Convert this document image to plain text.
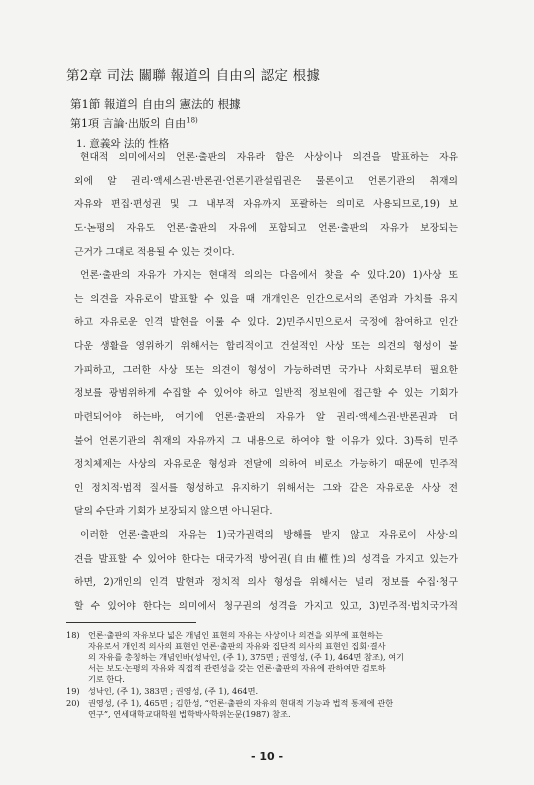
第2章 司法 關聯 報道의 自由의 認定 根據
第1節 報道의 自由의 憲法的 根據
第1項 言論·出版의 自由$^{18)}$
1. 意義와 法的 性格
현대적 의미에서의 언론·출판의 자유라 함은 사상이나 의견을 발표하는 자유
외에 알 권리·액세스권·반론권·언론기관설립권은 물론이고 언론기관의 취재의
자유와 편집·편성권 및 그 내부적 자유까지 포괄하는 의미로 사용되므로,19) 보
도·논평의 자유도 언론·출판의 자유에 포함되고 언론·출판의 자유가 보장되는
근거가 그대로 적용될 수 있는 것이다.
언론·출판의 자유가 가지는 현대적 의의는 다음에서 찾을 수 있다.20) 1)사상 또
는 의견을 자유로이 발표할 수 있을 때 개개인은 인간으로서의 존엄과 가치를 유지
하고 자유로운 인격 발현을 이룰 수 있다. 2)민주시민으로서 국정에 참여하고 인간
다운 생활을 영위하기 위해서는 합리적이고 건설적인 사상 또는 의견의 형성이 불
가피하고, 그러한 사상 또는 의견이 형성이 가능하려면 국가나 사회로부터 필요한
정보를 광범위하게 수집할 수 있어야 하고 일반적 정보원에 접근할 수 있는 기회가
마련되어야 하는바, 여기에 언론·출판의 자유가 알 권리·액세스권·반론권과 더
불어 언론기관의 취재의 자유까지 그 내용으로 하여야 할 이유가 있다. 3)특히 민주
정치체제는 사상의 자유로운 형성과 전달에 의하여 비로소 가능하기 때문에 민주적
인 정치적·법적 질서를 형성하고 유지하기 위해서는 그와 같은 자유로운 사상 전
달의 수단과 기회가 보장되지 않으면 아니된다.
이러한 언론·출판의 자유는 1)국가권력의 방해를 받지 않고 자유로이 사상·의
견을 발표할 수 있어야 한다는 대국가적 방어권(自由權性)의 성격을 가지고 있는가
하면, 2)개인의 인격 발현과 정치적 의사 형성을 위해서는 널리 정보를 수집·청구
할 수 있어야 한다는 의미에서 청구권의 성격을 가지고 있고, 3)민주적·법치국가적
18)	언론·출판의 자유보다 넓은 개념인 표현의 자유는 사상이나 의견을 외부에 표현하는
자유로서 개인적 의사의 표현인 언론·출판의 자유와 집단적 의사의 표현인 집회·결사
의 자유를 총칭하는 개념인바(성낙인, (주 1), 375면 ; 권영성, (주 1), 464면 참조), 여기
서는 보도·논평의 자유와 직접적 관련성을 갖는 언론·출판의 자유에 관하여만 검토하
기로 한다.
19)	성낙인, (주 1), 383면 ; 권영성, (주 1), 464면.
20)	권영성, (주 1), 465면 ; 김한성, “언론·출판의 자유의 현대적 기능과 법적 통제에 관한
연구”, 연세대학교대학원 법학박사학위논문(1987) 참조.
- 10 -
